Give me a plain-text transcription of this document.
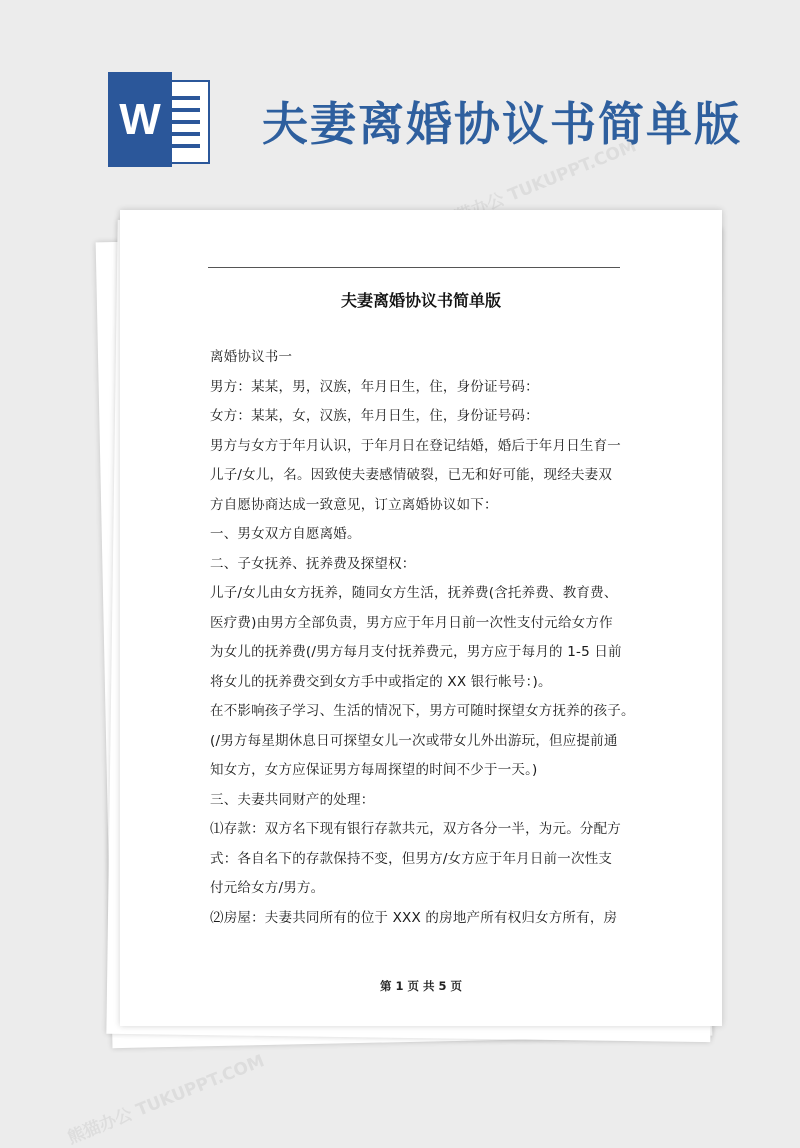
W 夫妻离婚协议书简单版
熊猫办公 TUKUPPT.COM
夫妻离婚协议书简单版

离婚协议书一

男方：某某，男，汉族，年月日生，住，身份证号码：

女方：某某，女，汉族，年月日生，住，身份证号码：

男方与女方于年月认识，于年月日在登记结婚，婚后于年月日生育一

儿子/女儿，名。因致使夫妻感情破裂，已无和好可能，现经夫妻双

方自愿协商达成一致意见，订立离婚协议如下：

一、男女双方自愿离婚。

二、子女抚养、抚养费及探望权：

儿子/女儿由女方抚养，随同女方生活，抚养费(含托养费、教育费、

医疗费)由男方全部负责，男方应于年月日前一次性支付元给女方作

为女儿的抚养费(/男方每月支付抚养费元，男方应于每月的 1-5 日前

将女儿的抚养费交到女方手中或指定的 XX 银行帐号：)。

在不影响孩子学习、生活的情况下，男方可随时探望女方抚养的孩子。

(/男方每星期休息日可探望女儿一次或带女儿外出游玩，但应提前通

知女方，女方应保证男方每周探望的时间不少于一天。)

三、夫妻共同财产的处理：

⑴存款：双方名下现有银行存款共元，双方各分一半，为元。分配方

式：各自名下的存款保持不变，但男方/女方应于年月日前一次性支

付元给女方/男方。

⑵房屋：夫妻共同所有的位于 XXX 的房地产所有权归女方所有，房

第 1 页 共 5 页

熊猫办公 TUKUPPT.COM
